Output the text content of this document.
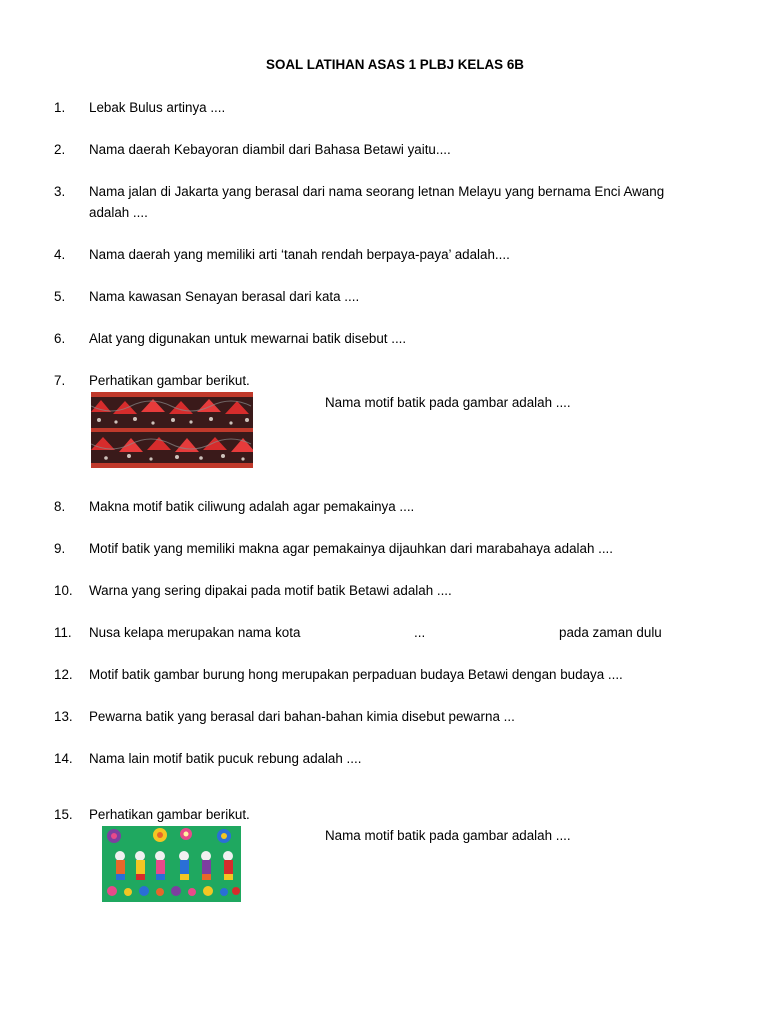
SOAL LATIHAN ASAS 1 PLBJ KELAS 6B
1. Lebak Bulus artinya ....
2. Nama daerah Kebayoran diambil dari Bahasa Betawi yaitu....
3. Nama jalan di Jakarta yang berasal dari nama seorang letnan Melayu yang bernama Enci Awang
adalah ....
4. Nama daerah yang memiliki arti ‘tanah rendah berpaya-paya’ adalah....
5. Nama kawasan Senayan berasal dari kata ....
6. Alat yang digunakan untuk mewarnai batik disebut ....
7. Perhatikan gambar berikut.
Nama motif batik pada gambar adalah ....
8. Makna motif batik ciliwung adalah agar pemakainya ....
9. Motif batik yang memiliki makna agar pemakainya dijauhkan dari marabahaya adalah ....
10. Warna yang sering dipakai pada motif batik Betawi adalah ....
11. Nusa kelapa merupakan nama kota	...	pada zaman dulu
12. Motif batik gambar burung hong merupakan perpaduan budaya Betawi dengan budaya ....
13. Pewarna batik yang berasal dari bahan-bahan kimia disebut pewarna ...
14. Nama lain motif batik pucuk rebung adalah ....
15. Perhatikan gambar berikut.
Nama motif batik pada gambar adalah ....
